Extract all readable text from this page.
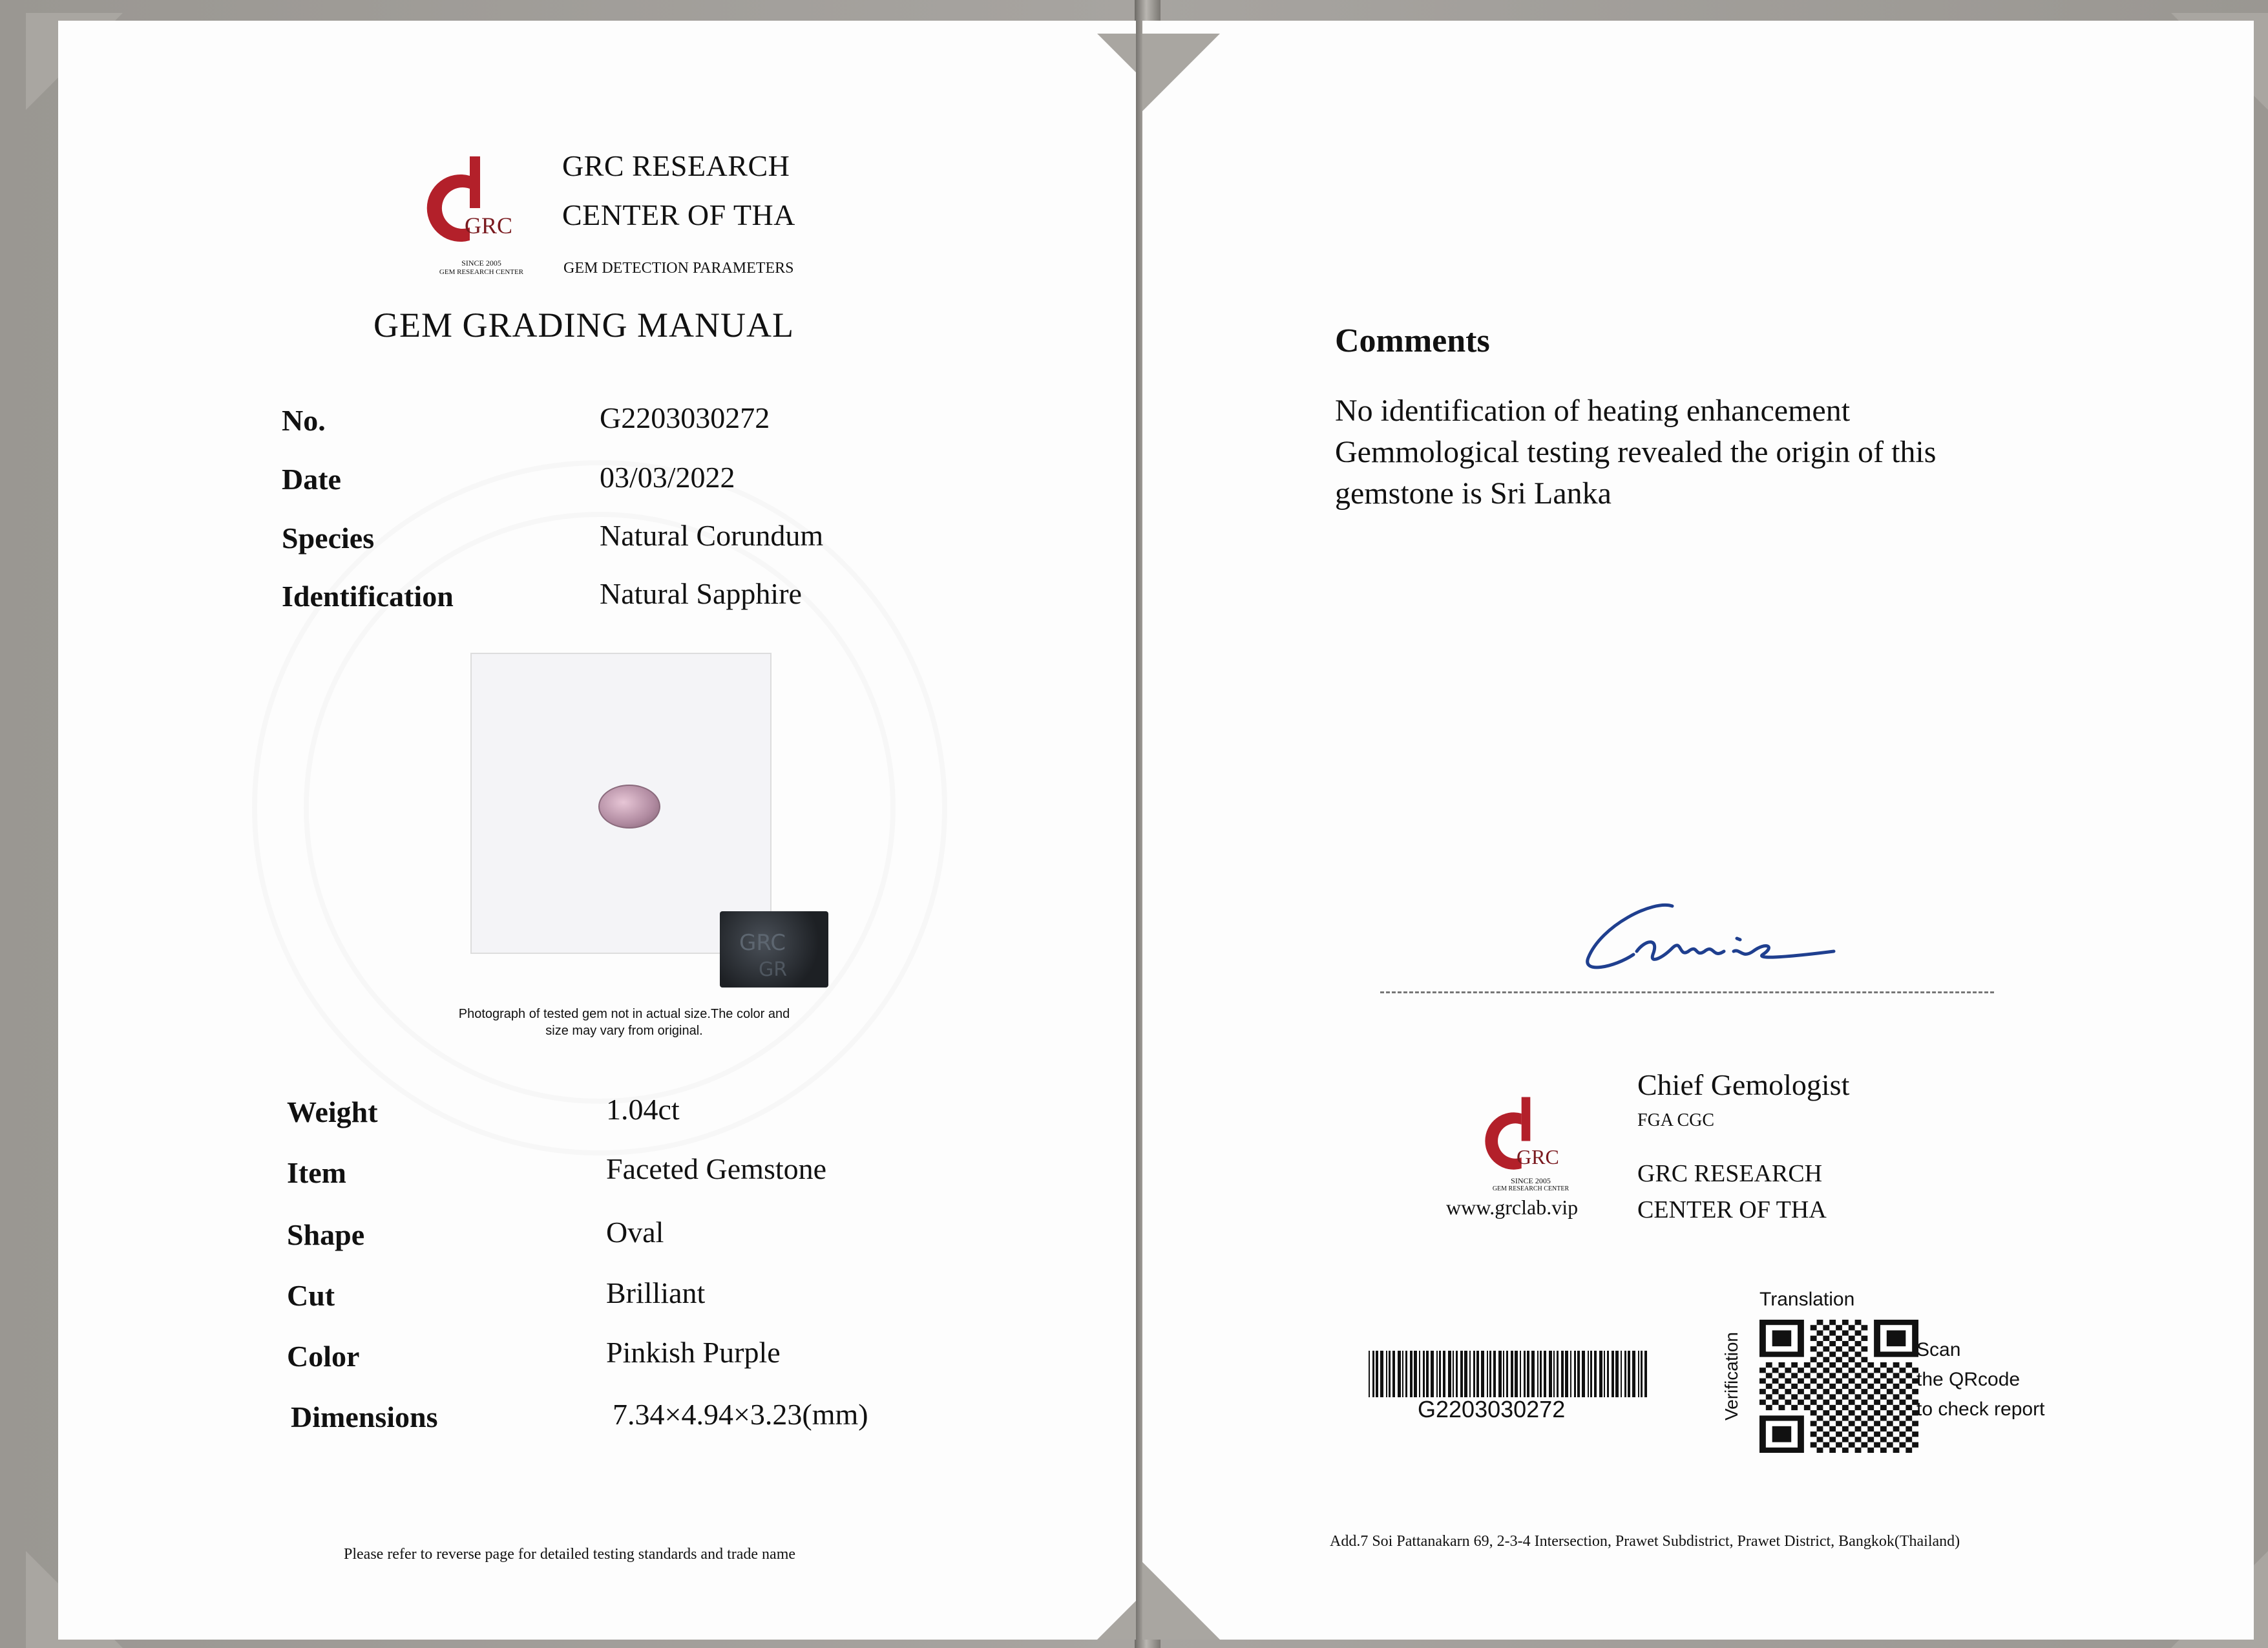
GRC
SINCE 2005
GEM RESEARCH CENTER
GRC RESEARCH
CENTER OF THA
GEM DETECTION PARAMETERS
GEM GRADING MANUAL
No.	G2203030272
Date	03/03/2022
Species	Natural Corundum
Identification	Natural Sapphire
GRC
GR
Photograph of tested gem not in actual size.The color and
size may vary from original.
Weight	1.04ct
Item	Faceted Gemstone
Shape	Oval
Cut	Brilliant
Color	Pinkish Purple
Dimensions	7.34×4.94×3.23(mm)
Please refer to reverse page for detailed testing standards and trade name
Comments
No identification of heating enhancement
Gemmological testing revealed the origin of this
gemstone is Sri Lanka
GRC
SINCE 2005
GEM RESEARCH CENTER
www.grclab.vip
Chief Gemologist
FGA CGC
GRC RESEARCH
CENTER OF THA
G2203030272
Translation
Verification	Scan
the QRcode
to check report
Add.7 Soi Pattanakarn 69, 2-3-4 Intersection, Prawet Subdistrict, Prawet District, Bangkok(Thailand)
